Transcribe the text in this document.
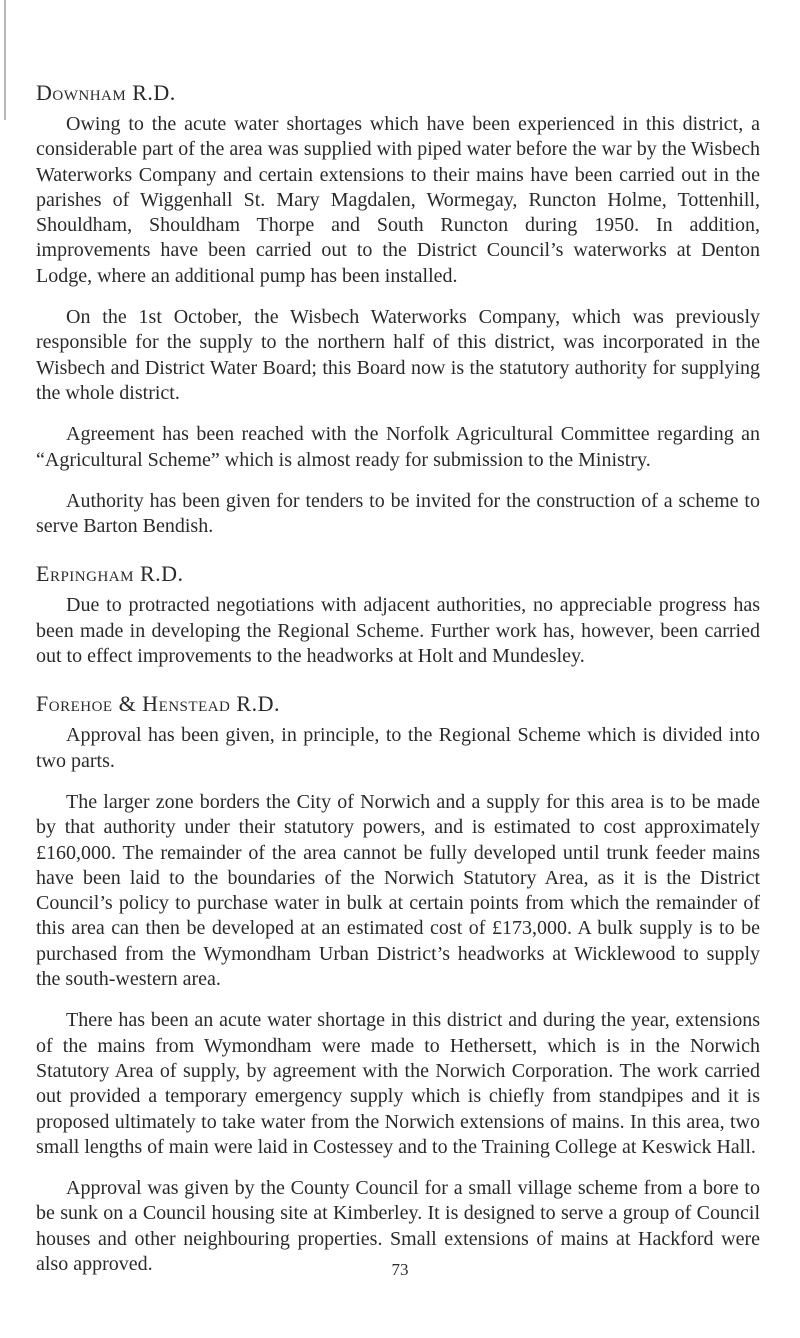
Downham R.D.

Owing to the acute water shortages which have been experienced in this district, a considerable part of the area was supplied with piped water before the war by the Wisbech Waterworks Company and certain extensions to their mains have been carried out in the parishes of Wiggenhall St. Mary Magdalen, Wormegay, Runcton Holme, Tottenhill, Shouldham, Shouldham Thorpe and South Runcton during 1950. In addition, improvements have been carried out to the District Council’s waterworks at Denton Lodge, where an additional pump has been installed.

On the 1st October, the Wisbech Waterworks Company, which was previously responsible for the supply to the northern half of this district, was incorporated in the Wisbech and District Water Board; this Board now is the statutory authority for supplying the whole district.

Agreement has been reached with the Norfolk Agricultural Committee regarding an “Agricultural Scheme” which is almost ready for submission to the Ministry.

Authority has been given for tenders to be invited for the construction of a scheme to serve Barton Bendish.

Erpingham R.D.

Due to protracted negotiations with adjacent authorities, no appreciable progress has been made in developing the Regional Scheme. Further work has, however, been carried out to effect improvements to the headworks at Holt and Mundesley.

Forehoe & Henstead R.D.

Approval has been given, in principle, to the Regional Scheme which is divided into two parts.

The larger zone borders the City of Norwich and a supply for this area is to be made by that authority under their statutory powers, and is estimated to cost approximately £160,000. The remainder of the area cannot be fully developed until trunk feeder mains have been laid to the boundaries of the Norwich Statutory Area, as it is the District Council’s policy to purchase water in bulk at certain points from which the remainder of this area can then be developed at an estimated cost of £173,000. A bulk supply is to be purchased from the Wymondham Urban District’s headworks at Wicklewood to supply the south-western area.

There has been an acute water shortage in this district and during the year, extensions of the mains from Wymondham were made to Hethersett, which is in the Norwich Statutory Area of supply, by agreement with the Norwich Corporation. The work carried out provided a temporary emergency supply which is chiefly from standpipes and it is proposed ultimately to take water from the Norwich extensions of mains. In this area, two small lengths of main were laid in Costessey and to the Training College at Keswick Hall.

Approval was given by the County Council for a small village scheme from a bore to be sunk on a Council housing site at Kimberley. It is designed to serve a group of Council houses and other neighbouring properties. Small extensions of mains at Hackford were also approved.	73
